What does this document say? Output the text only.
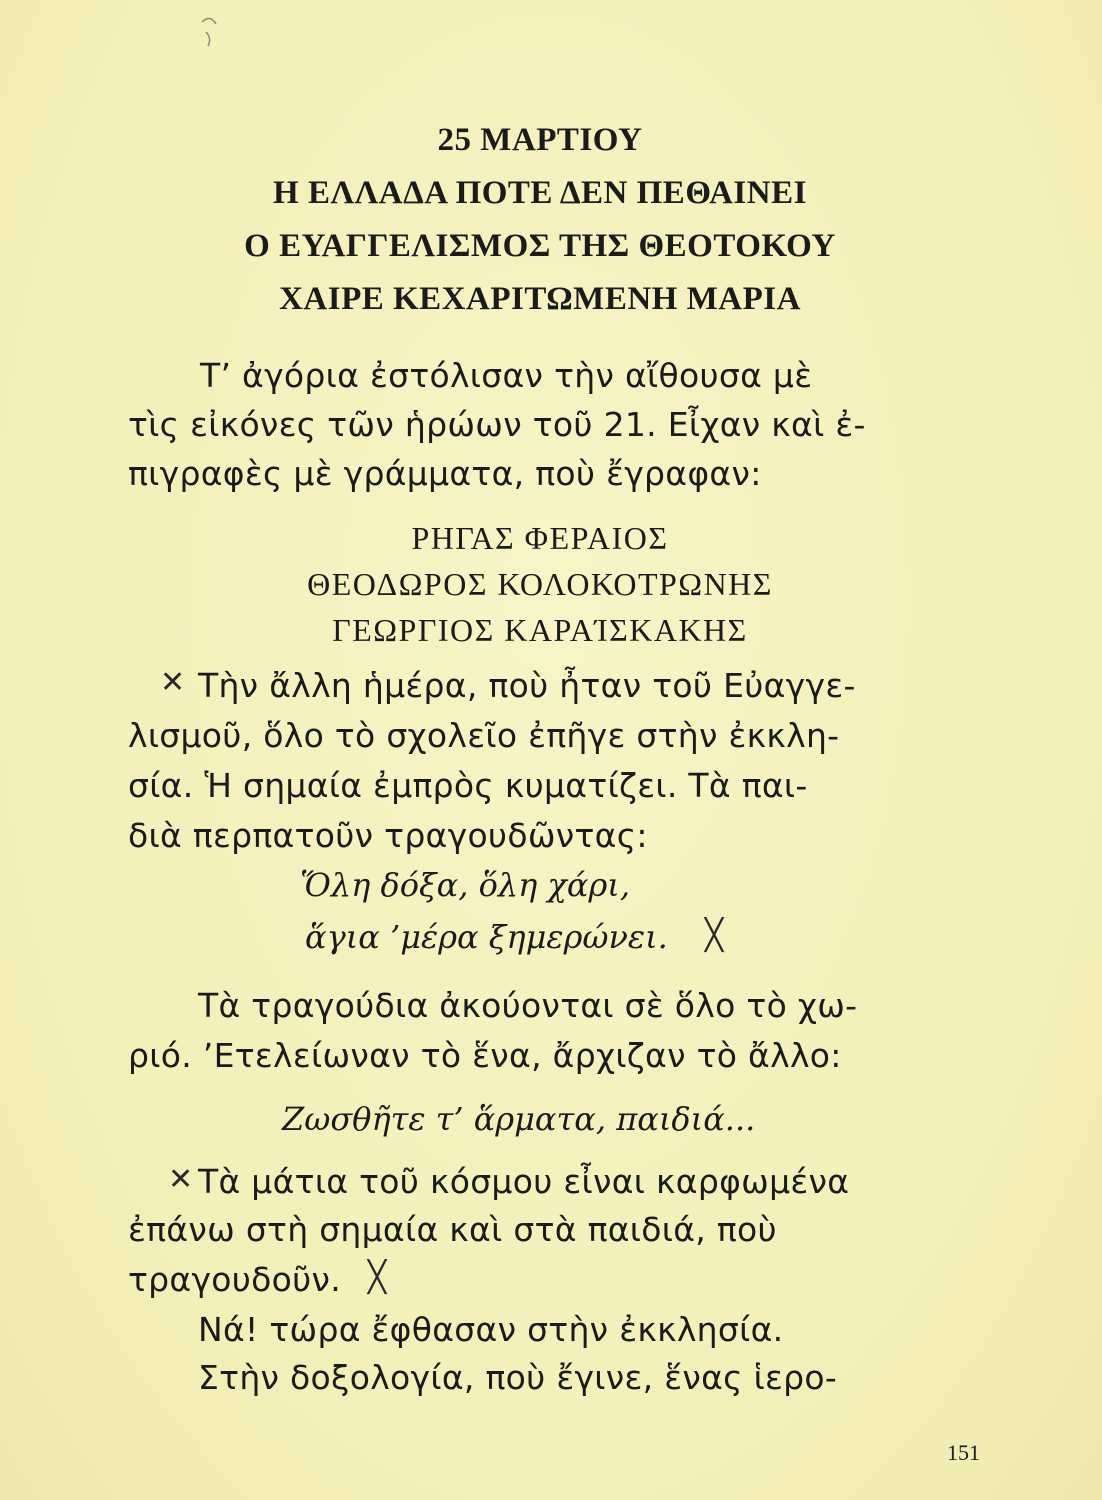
25 ΜΑΡΤΙΟΥ
Η ΕΛΛΑΔΑ ΠΟΤΕ ΔΕΝ ΠΕΘΑΙΝΕΙ
Ο ΕΥΑΓΓΕΛΙΣΜΟΣ ΤΗΣ ΘΕΟΤΟΚΟΥ
ΧΑΙΡΕ ΚΕΧΑΡΙΤΩΜΕΝΗ ΜΑΡΙΑ
Τ’ ἀγόρια ἐστόλισαν τὴν αἴθουσα μὲ
τὶς εἰκόνες τῶν ἡρώων τοῦ 21. Εἶχαν καὶ ἐ-
πιγραφὲς μὲ γράμματα, ποὺ ἔγραφαν:
ΡΗΓΑΣ ΦΕΡΑΙΟΣ
ΘΕΟΔΩΡΟΣ ΚΟΛΟΚΟΤΡΩΝΗΣ
ΓΕΩΡΓΙΟΣ ΚΑΡΑΊΣΚΑΚΗΣ
✕ Τὴν ἄλλη ἡμέρα, ποὺ ἦταν τοῦ Εὐαγγε-
λισμοῦ, ὅλο τὸ σχολεῖο ἐπῆγε στὴν ἐκκλη-
σία. Ἡ σημαία ἐμπρὸς κυματίζει. Τὰ παι-
διὰ περπατοῦν τραγουδῶντας:
Ὅλη δόξα, ὅλη χάρι,
ἅγια ’μέρα ξημερώνει. ╳
Τὰ τραγούδια ἀκούονται σὲ ὅλο τὸ χω-
ριό. ’Ετελείωναν τὸ ἕνα, ἄρχιζαν τὸ ἄλλο:
Ζωσθῆτε τ’ ἅρματα, παιδιά...
✕ Τὰ μάτια τοῦ κόσμου εἶναι καρφωμένα
ἐπάνω στὴ σημαία καὶ στὰ παιδιά, ποὺ
τραγουδοῦν. ╳
Νά! τώρα ἔφθασαν στὴν ἐκκλησία.
Στὴν δοξολογία, ποὺ ἔγινε, ἕνας ἱερο-
151
